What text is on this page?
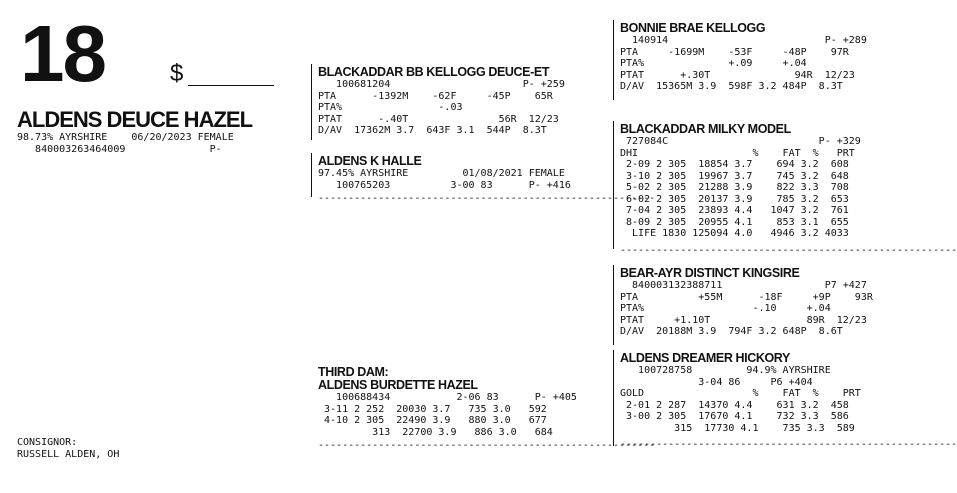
18	$
ALDENS DEUCE HAZEL
98.73% AYRSHIRE    06/20/2023 FEMALE
840003263464009              P-
CONSIGNOR:
RUSSELL ALDEN, OH
BLACKADDAR BB KELLOGG DEUCE-ET
100681204                      P- +259
PTA      -1392M    -62F     -45P    65R
PTA%                -.03
PTAT      -.40T               56R  12/23
D/AV  17362M 3.7  643F 3.1  544P  8.3T
ALDENS K HALLE
97.45% AYRSHIRE         01/08/2021 FEMALE
100765203          3-00 83      P- +416
--------------------------------------------------------
THIRD DAM:
ALDENS BURDETTE HAZEL
100688434           2-06 83      P- +405
3-11 2 252  20030 3.7   735 3.0   592
4-10 2 305  22490 3.9   880 3.0   677
313  22700 3.9   886 3.0   684
--------------------------------------------------------
BONNIE BRAE KELLOGG
140914                          P- +289
PTA     -1699M    -53F     -48P    97R
PTA%              +.09     +.04
PTAT      +.30T              94R  12/23
D/AV  15365M 3.9  598F 3.2 484P  8.3T
BLACKADDAR MILKY MODEL
727084C                         P- +329
DHI                   %    FAT  %   PRT
2-09 2 305  18854 3.7    694 3.2  608
3-10 2 305  19967 3.7    745 3.2  648
5-02 2 305  21288 3.9    822 3.3  708
6-02 2 305  20137 3.9    785 3.2  653
7-04 2 305  23893 4.4   1047 3.2  761
8-09 2 305  20955 4.1    853 3.1  655
LIFE 1830 125094 4.0   4946 3.2 4033
--------------------------------------------------------
BEAR-AYR DISTINCT KINGSIRE
840003132388711                 P7 +427
PTA          +55M      -18F     +9P    93R
PTA%                  -.10     +.04
PTAT     +1.10T                89R  12/23
D/AV  20188M 3.9  794F 3.2 648P  8.6T
ALDENS DREAMER HICKORY
100728758         94.9% AYRSHIRE
3-04 86     P6 +404
GOLD                  %    FAT  %    PRT
2-01 2 287  14370 4.4    631 3.2  458
3-00 2 305  17670 4.1    732 3.3  586
315  17730 4.1    735 3.3  589
--------------------------------------------------------
